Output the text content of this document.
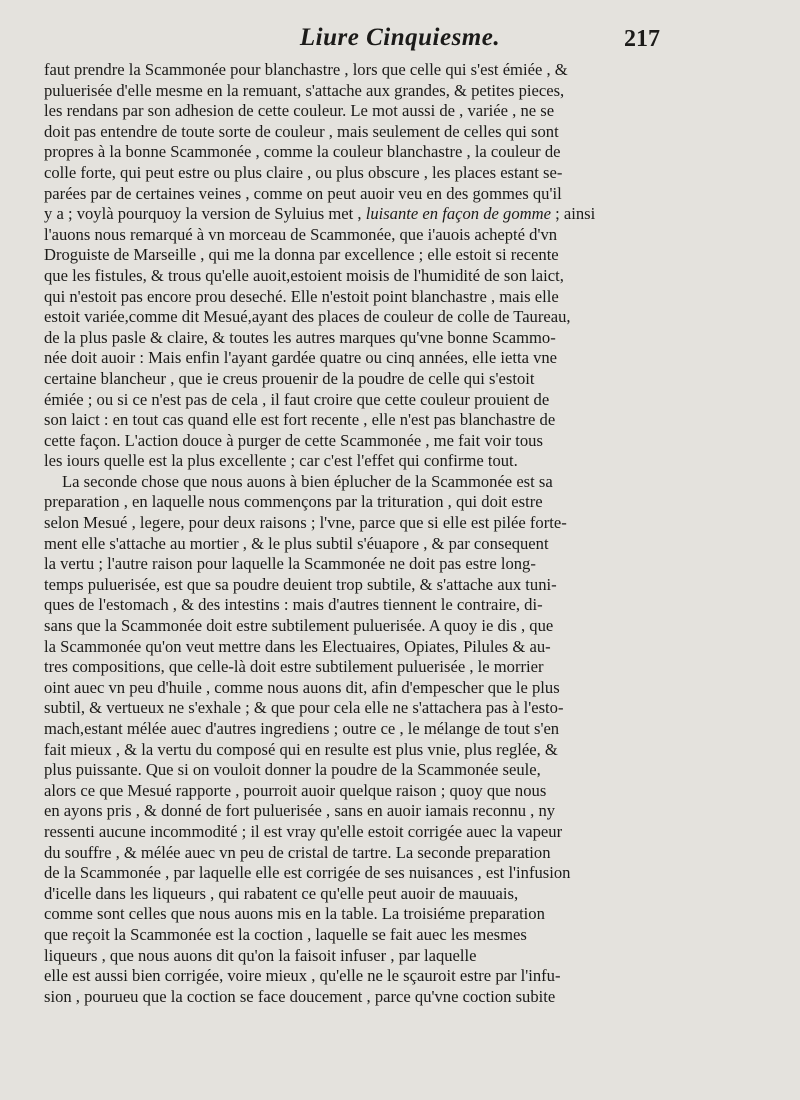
Liure Cinquiesme.	217
faut prendre la Scammonée pour blanchastre , lors que celle qui s'est émiée , &
puluerisée d'elle mesme en la remuant, s'attache aux grandes, & petites pieces,
les rendans par son adhesion de cette couleur. Le mot aussi de , variée , ne se
doit pas entendre de toute sorte de couleur , mais seulement de celles qui sont
propres à la bonne Scammonée , comme la couleur blanchastre , la couleur de
colle forte, qui peut estre ou plus claire , ou plus obscure , les places estant se-
parées par de certaines veines , comme on peut auoir veu en des gommes qu'il
y a ; voylà pourquoy la version de Syluius met , luisante en façon de gomme ; ainsi
l'auons nous remarqué à vn morceau de Scammonée, que i'auois achepté d'vn
Droguiste de Marseille , qui me la donna par excellence ; elle estoit si recente
que les fistules, & trous qu'elle auoit,estoient moisis de l'humidité de son laict,
qui n'estoit pas encore prou deseché. Elle n'estoit point blanchastre , mais elle
estoit variée,comme dit Mesué,ayant des places de couleur de colle de Taureau,
de la plus pasle & claire, & toutes les autres marques qu'vne bonne Scammo-
née doit auoir : Mais enfin l'ayant gardée quatre ou cinq années, elle ietta vne
certaine blancheur , que ie creus prouenir de la poudre de celle qui s'estoit
émiée ; ou si ce n'est pas de cela , il faut croire que cette couleur prouient de
son laict : en tout cas quand elle est fort recente , elle n'est pas blanchastre de
cette façon. L'action douce à purger de cette Scammonée , me fait voir tous
les iours quelle est la plus excellente ; car c'est l'effet qui confirme tout.
La seconde chose que nous auons à bien éplucher de la Scammonée est sa
preparation , en laquelle nous commençons par la trituration , qui doit estre
selon Mesué , legere, pour deux raisons ; l'vne, parce que si elle est pilée forte-
ment elle s'attache au mortier , & le plus subtil s'éuapore , & par consequent
la vertu ; l'autre raison pour laquelle la Scammonée ne doit pas estre long-
temps puluerisée, est que sa poudre deuient trop subtile, & s'attache aux tuni-
ques de l'estomach , & des intestins : mais d'autres tiennent le contraire, di-
sans que la Scammonée doit estre subtilement puluerisée. A quoy ie dis , que
la Scammonée qu'on veut mettre dans les Electuaires, Opiates, Pilules & au-
tres compositions, que celle-là doit estre subtilement puluerisée , le morrier
oint auec vn peu d'huile , comme nous auons dit, afin d'empescher que le plus
subtil, & vertueux ne s'exhale ; & que pour cela elle ne s'attachera pas à l'esto-
mach,estant mélée auec d'autres ingrediens ; outre ce , le mélange de tout s'en
fait mieux , & la vertu du composé qui en resulte est plus vnie, plus reglée, &
plus puissante. Que si on vouloit donner la poudre de la Scammonée seule,
alors ce que Mesué rapporte , pourroit auoir quelque raison ; quoy que nous
en ayons pris , & donné de fort puluerisée , sans en auoir iamais reconnu , ny
ressenti aucune incommodité ; il est vray qu'elle estoit corrigée auec la vapeur
du souffre , & mélée auec vn peu de cristal de tartre. La seconde preparation
de la Scammonée , par laquelle elle est corrigée de ses nuisances , est l'infusion
d'icelle dans les liqueurs , qui rabatent ce qu'elle peut auoir de mauuais,
comme sont celles que nous auons mis en la table. La troisiéme preparation
que reçoit la Scammonée est la coction , laquelle se fait auec les mesmes
liqueurs , que nous auons dit qu'on la faisoit infuser , par laquelle
elle est aussi bien corrigée, voire mieux , qu'elle ne le sçauroit estre par l'infu-
sion , pourueu que la coction se face doucement , parce qu'vne coction subite
